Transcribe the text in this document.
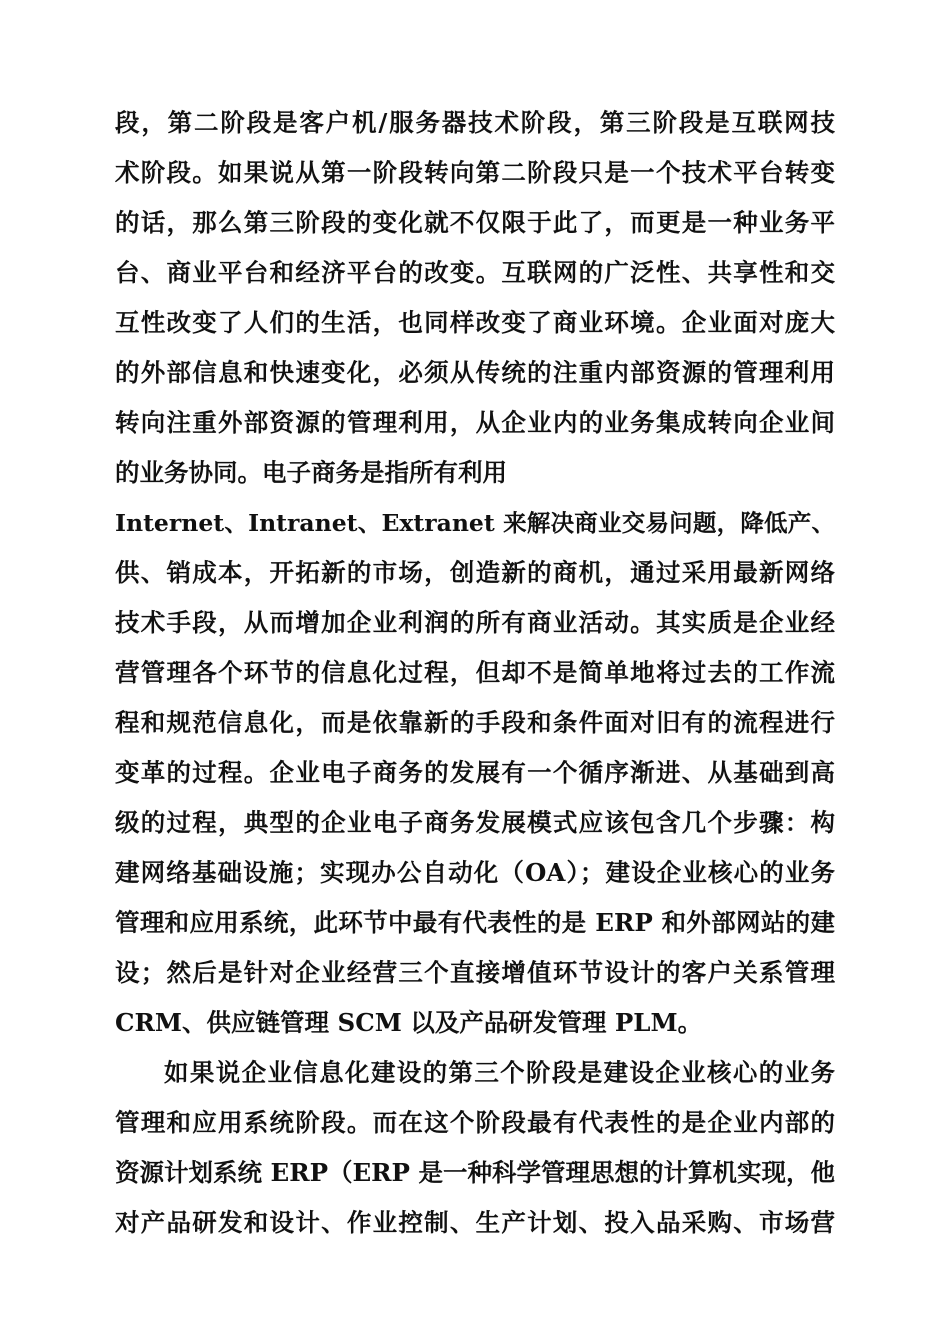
段，第二阶段是客户机/服务器技术阶段，第三阶段是互联网技
术阶段。如果说从第一阶段转向第二阶段只是一个技术平台转变
的话，那么第三阶段的变化就不仅限于此了，而更是一种业务平
台、商业平台和经济平台的改变。互联网的广泛性、共享性和交
互性改变了人们的生活，也同样改变了商业环境。企业面对庞大
的外部信息和快速变化，必须从传统的注重内部资源的管理利用
转向注重外部资源的管理利用，从企业内的业务集成转向企业间
的业务协同。电子商务是指所有利用
Internet、Intranet、Extranet 来解决商业交易问题，降低产、
供、销成本，开拓新的市场，创造新的商机，通过采用最新网络
技术手段，从而增加企业利润的所有商业活动。其实质是企业经
营管理各个环节的信息化过程，但却不是简单地将过去的工作流
程和规范信息化，而是依靠新的手段和条件面对旧有的流程进行
变革的过程。企业电子商务的发展有一个循序渐进、从基础到高
级的过程，典型的企业电子商务发展模式应该包含几个步骤：构
建网络基础设施；实现办公自动化（OA）；建设企业核心的业务
管理和应用系统，此环节中最有代表性的是 ERP 和外部网站的建
设；然后是针对企业经营三个直接增值环节设计的客户关系管理
CRM、供应链管理 SCM 以及产品研发管理 PLM。
如果说企业信息化建设的第三个阶段是建设企业核心的业务
管理和应用系统阶段。而在这个阶段最有代表性的是企业内部的
资源计划系统 ERP（ERP 是一种科学管理思想的计算机实现，他
对产品研发和设计、作业控制、生产计划、投入品采购、市场营
